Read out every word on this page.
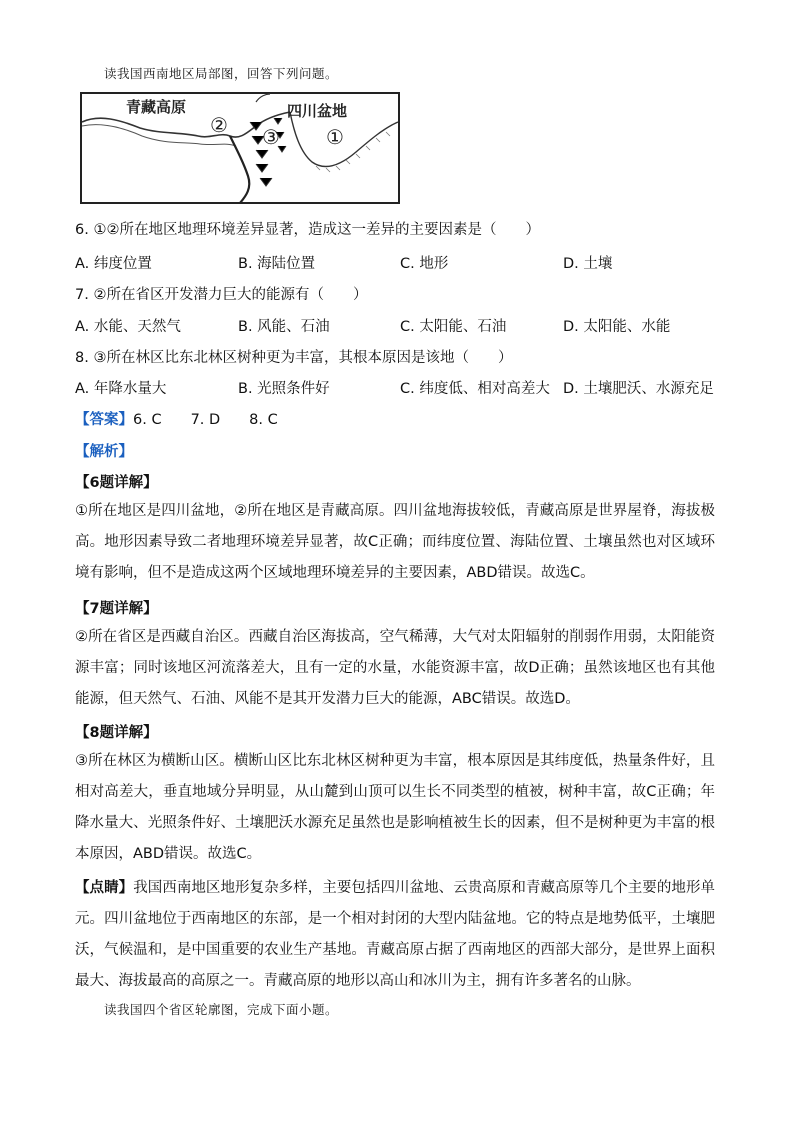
读我国西南地区局部图，回答下列问题。
青藏高原
②
四川盆地
③ ①
6. ①②所在地区地理环境差异显著，造成这一差异的主要因素是（　　）
A. 纬度位置	B. 海陆位置	C. 地形	D. 土壤
7. ②所在省区开发潜力巨大的能源有（　　）
A. 水能、天然气	B. 风能、石油	C. 太阳能、石油	D. 太阳能、水能
8. ③所在林区比东北林区树种更为丰富，其根本原因是该地（　　）
A. 年降水量大	B. 光照条件好	C. 纬度低、相对高差大 D. 土壤肥沃、水源充足
【答案】6. C　　7. D　　8. C
【解析】
【6题详解】
①所在地区是四川盆地，②所在地区是青藏高原。四川盆地海拔较低，青藏高原是世界屋脊，海拔极高。地形因素导致二者地理环境差异显著，故C正确；而纬度位置、海陆位置、土壤虽然也对区域环境有影响，但不是造成这两个区域地理环境差异的主要因素，ABD错误。故选C。
【7题详解】
②所在省区是西藏自治区。西藏自治区海拔高，空气稀薄，大气对太阳辐射的削弱作用弱，太阳能资源丰富；同时该地区河流落差大，且有一定的水量，水能资源丰富，故D正确；虽然该地区也有其他能源，但天然气、石油、风能不是其开发潜力巨大的能源，ABC错误。故选D。
【8题详解】
③所在林区为横断山区。横断山区比东北林区树种更为丰富，根本原因是其纬度低，热量条件好，且相对高差大，垂直地域分异明显，从山麓到山顶可以生长不同类型的植被，树种丰富，故C正确；年降水量大、光照条件好、土壤肥沃水源充足虽然也是影响植被生长的因素，但不是树种更为丰富的根本原因，ABD错误。故选C。
【点睛】我国西南地区地形复杂多样，主要包括四川盆地、云贵高原和青藏高原等几个主要的地形单元。四川盆地位于西南地区的东部，是一个相对封闭的大型内陆盆地。它的特点是地势低平，土壤肥沃，气候温和，是中国重要的农业生产基地。青藏高原占据了西南地区的西部大部分，是世界上面积最大、海拔最高的高原之一。青藏高原的地形以高山和冰川为主，拥有许多著名的山脉。
读我国四个省区轮廓图，完成下面小题。
